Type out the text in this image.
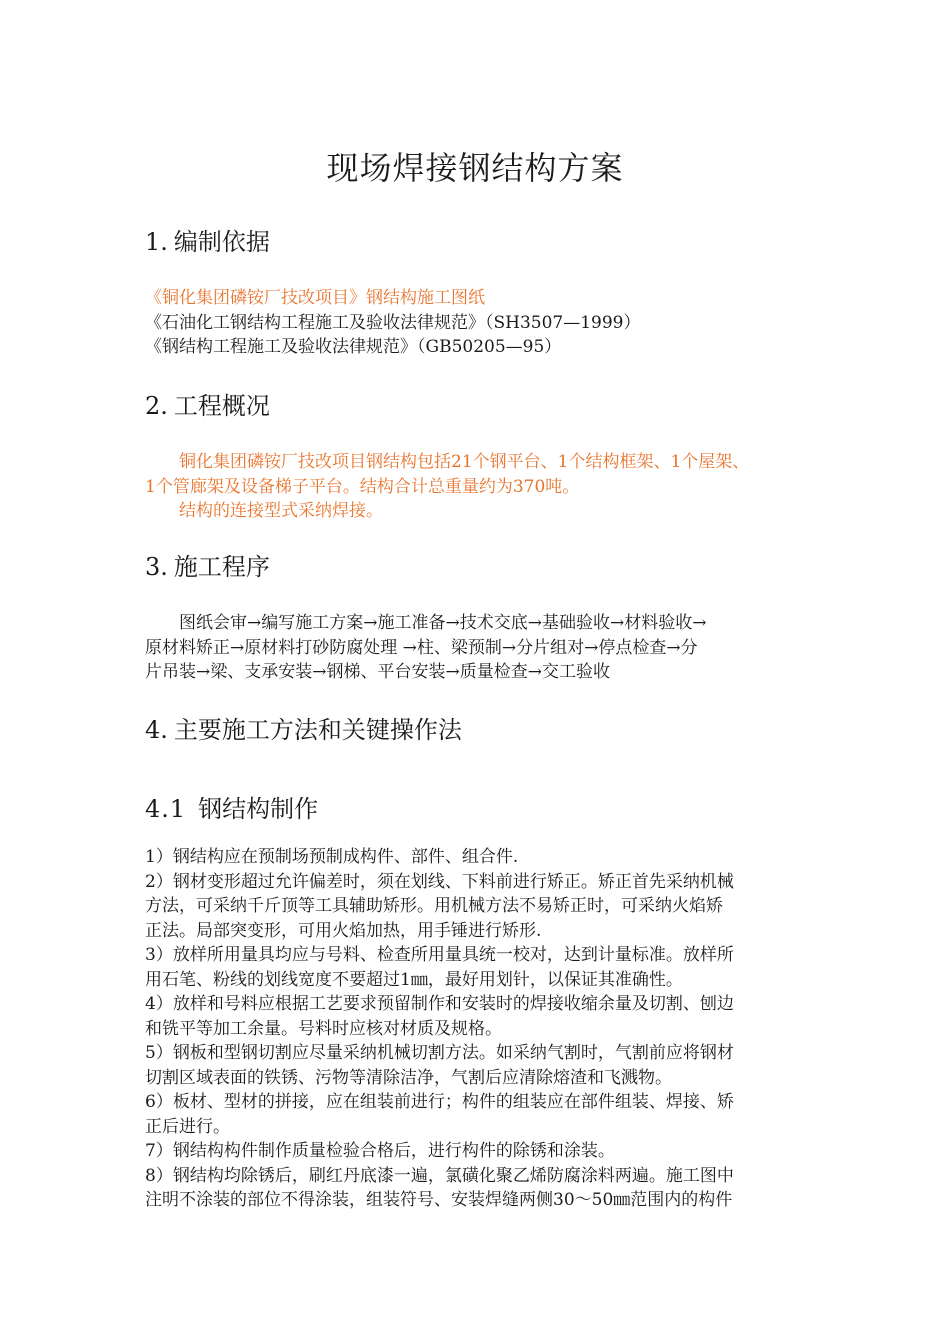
现场焊接钢结构方案
1. 编制依据

《铜化集团磷铵厂技改项目》钢结构施工图纸

《石油化工钢结构工程施工及验收法律规范》（SH3507—1999）

《钢结构工程施工及验收法律规范》（GB50205—95）

2. 工程概况

铜化集团磷铵厂技改项目钢结构包括21个钢平台、1个结构框架、1个屋架、

1个管廊架及设备梯子平台。结构合计总重量约为370吨。

结构的连接型式采纳焊接。

3. 施工程序

图纸会审→编写施工方案→施工准备→技术交底→基础验收→材料验收→

原材料矫正→原材料打砂防腐处理 →柱、梁预制→分片组对→停点检查→分

片吊装→梁、支承安装→钢梯、平台安装→质量检查→交工验收

4. 主要施工方法和关键操作法
4.1 钢结构制作

1）钢结构应在预制场预制成构件、部件、组合件.

2）钢材变形超过允许偏差时，须在划线、下料前进行矫正。矫正首先采纳机械

方法，可采纳千斤顶等工具辅助矫形。用机械方法不易矫正时，可采纳火焰矫

正法。局部突变形，可用火焰加热，用手锤进行矫形.

3）放样所用量具均应与号料、检查所用量具统一校对，达到计量标准。放样所

用石笔、粉线的划线宽度不要超过1㎜，最好用划针，以保证其准确性。

4）放样和号料应根据工艺要求预留制作和安装时的焊接收缩余量及切割、刨边

和铣平等加工余量。号料时应核对材质及规格。

5）钢板和型钢切割应尽量采纳机械切割方法。如采纳气割时，气割前应将钢材

切割区域表面的铁锈、污物等清除洁净，气割后应清除熔渣和飞溅物。

6）板材、型材的拼接，应在组装前进行；构件的组装应在部件组装、焊接、矫

正后进行。

7）钢结构构件制作质量检验合格后，进行构件的除锈和涂装。

8）钢结构均除锈后，刷红丹底漆一遍，氯磺化聚乙烯防腐涂料两遍。施工图中

注明不涂装的部位不得涂装，组装符号、安装焊缝两侧30～50㎜范围内的构件
